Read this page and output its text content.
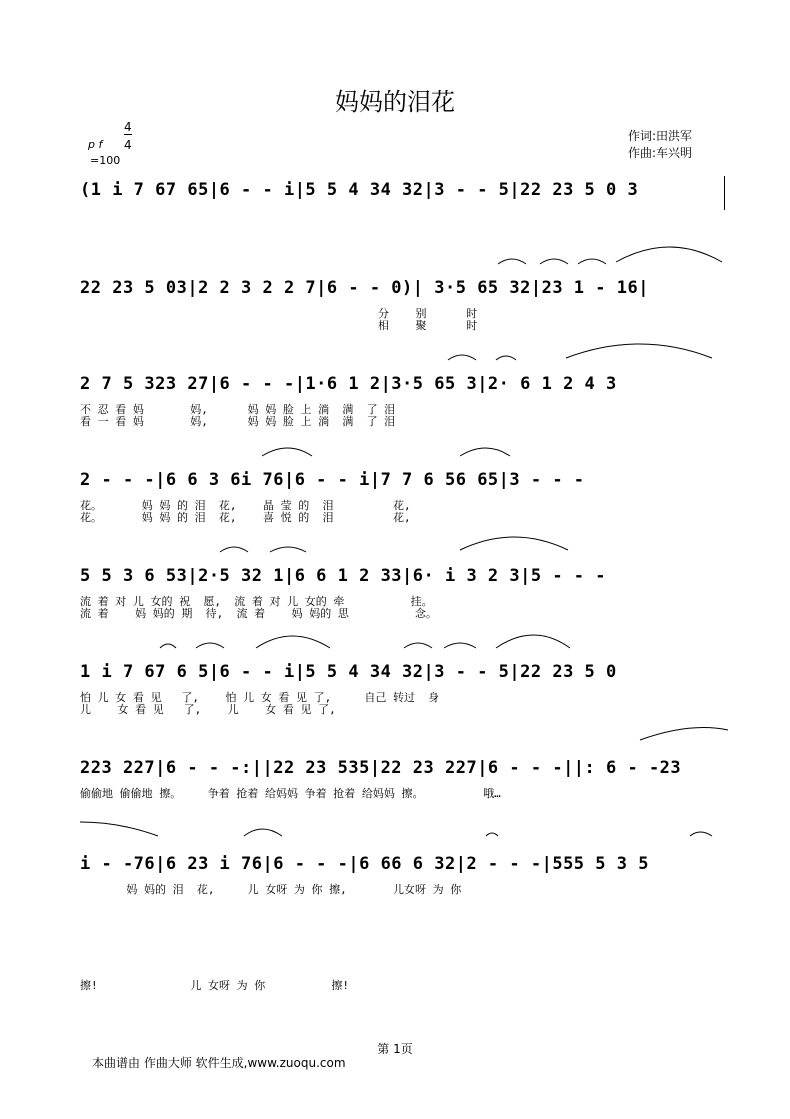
妈妈的泪花
作词:田洪军
作曲:车兴明
4
4
p f
=100
(1 i 7 67 65|6 - - i|5 5 4 34 32|3 - - 5|22 23 5 0 3
22 23 5 03|2 2 3 2 2 7|6 - - 0)| 3·5 65 32|23 1 - 16|
分    别      时
相    聚      时
2 7 5 323 27|6 - - -|1·6 1 2|3·5 65 3|2· 6 1 2 4 3
不 忍 看 妈       妈,      妈 妈 脸 上 淌  满  了 泪
看 一 看 妈       妈,      妈 妈 脸 上 淌  满  了 泪
2 - - -|6 6 3 6i 76|6 - - i|7 7 6 56 65|3 - - -
花。      妈 妈 的 泪  花,    晶 莹 的  泪         花,
花。      妈 妈 的 泪  花,    喜 悦 的  泪         花,
5 5 3 6 53|2·5 32 1|6 6 1 2 33|6· i 3 2 3|5 - - -
流 着 对 儿 女的 祝  愿,  流 着 对 儿 女的 牵          挂。
流 着    妈 妈的 期  待,  流 着    妈 妈的 思          念。
1 i 7 67 6 5|6 - - i|5 5 4 34 32|3 - - 5|22 23 5 0
怕 儿 女 看 见   了,    怕 儿 女 看 见 了,     自己 转过  身
儿    女 看 见   了,    儿    女 看 见 了,
223 227|6 - - -:||22 23 535|22 23 227|6 - - -||: 6 - -23
偷偷地 偷偷地 擦。    争着 抢着 给妈妈 争着 抢着 给妈妈 擦。         哦…
i - -76|6 23 i 76|6 - - -|6 66 6 32|2 - - -|555 5 3 5
妈 妈的 泪  花,     儿 女呀 为 你 擦,       儿女呀 为 你
擦!              儿 女呀 为 你          擦!
第 1页
本曲谱由 作曲大师 软件生成,www.zuoqu.com
